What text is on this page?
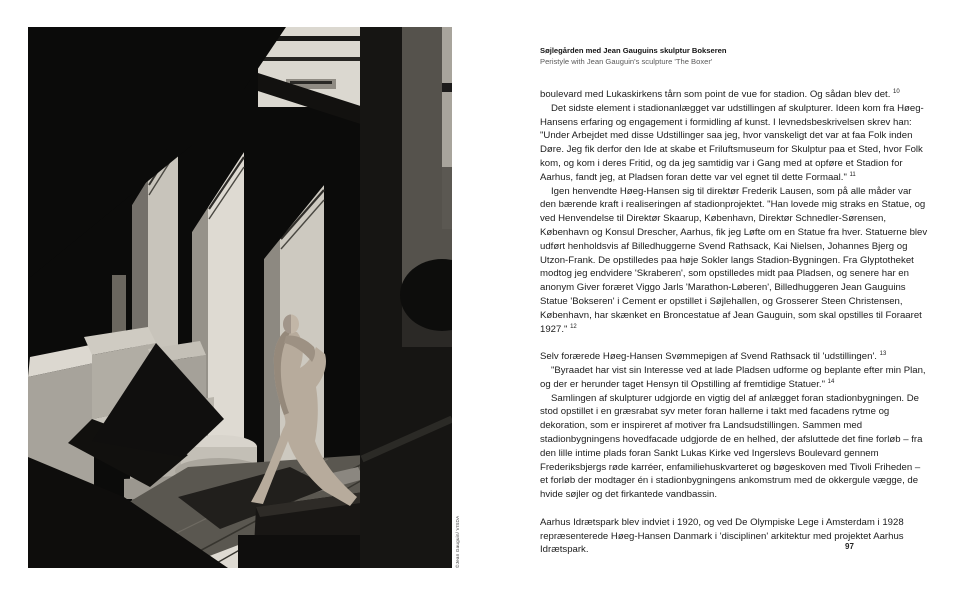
©Jean Gauguin/ VISDA
Søjlegården med Jean Gauguins skulptur Bokseren
Peristyle with Jean Gauguin's sculpture 'The Boxer'

boulevard med Lukaskirkens tårn som point de vue for stadion. Og sådan blev det. $^{10}$

Det sidste element i stadionanlægget var udstillingen af skulpturer. Ideen kom fra Høeg-Hansens erfaring og engagement i formidling af kunst. I levnedsbeskrivelsen skrev han: "Under Arbejdet med disse Udstillinger saa jeg, hvor vanskeligt det var at faa Folk inden Døre. Jeg fik derfor den Ide at skabe et Friluftsmuseum for Skulptur paa et Sted, hvor Folk kom, og kom i deres Fritid, og da jeg samtidig var i Gang med at opføre et Stadion for Aarhus, fandt jeg, at Pladsen foran dette var vel egnet til dette Formaal." $^{11}$

Igen henvendte Høeg-Hansen sig til direktør Frederik Lausen, som på alle måder var den bærende kraft i realiseringen af stadionprojektet. "Han lovede mig straks en Statue, og ved Henvendelse til Direktør Skaarup, København, Direktør Schnedler-Sørensen, København og Konsul Drescher, Aarhus, fik jeg Løfte om en Statue fra hver. Statuerne blev udført henholdsvis af Billedhuggerne Svend Rathsack, Kai Nielsen, Johannes Bjerg og Utzon-Frank. De opstilledes paa høje Sokler langs Stadion-Bygningen. Fra Glyptotheket modtog jeg endvidere 'Skraberen', som opstilledes midt paa Pladsen, og senere har en anonym Giver foræret Viggo Jarls 'Marathon-Løberen', Billedhuggeren Jean Gauguins Statue 'Bokseren' i Cement er opstillet i Søjlehallen, og Grosserer Steen Christensen, København, har skænket en Broncestatue af Jean Gauguin, som skal opstilles til Foraaret 1927." $^{12}$

Selv forærede Høeg-Hansen Svømmepigen af Svend Rathsack til 'udstillingen'. $^{13}$

"Byraadet har vist sin Interesse ved at lade Pladsen udforme og beplante efter min Plan, og der er herunder taget Hensyn til Opstilling af fremtidige Statuer." $^{14}$

Samlingen af skulpturer udgjorde en vigtig del af anlægget foran stadionbygningen. De stod opstillet i en græsrabat syv meter foran hallerne i takt med facadens rytme og dekoration, som er inspireret af motiver fra Landsudstillingen. Sammen med stadionbygningens hovedfacade udgjorde de en helhed, der afsluttede det fine forløb – fra den lille intime plads foran Sankt Lukas Kirke ved Ingerslevs Boulevard gennem Frederiksbjergs røde karréer, enfamiliehuskvarteret og bøgeskoven med Tivoli Friheden – et forløb der modtager én i stadionbygningens ankomstrum med de okkergule vægge, de hvide søjler og det firkantede vandbassin.

Aarhus Idrætspark blev indviet i 1920, og ved De Olympiske Lege i Amsterdam i 1928 repræsenterede Høeg-Hansen Danmark i 'disciplinen' arkitektur med projektet Aarhus Idrætspark.	97
